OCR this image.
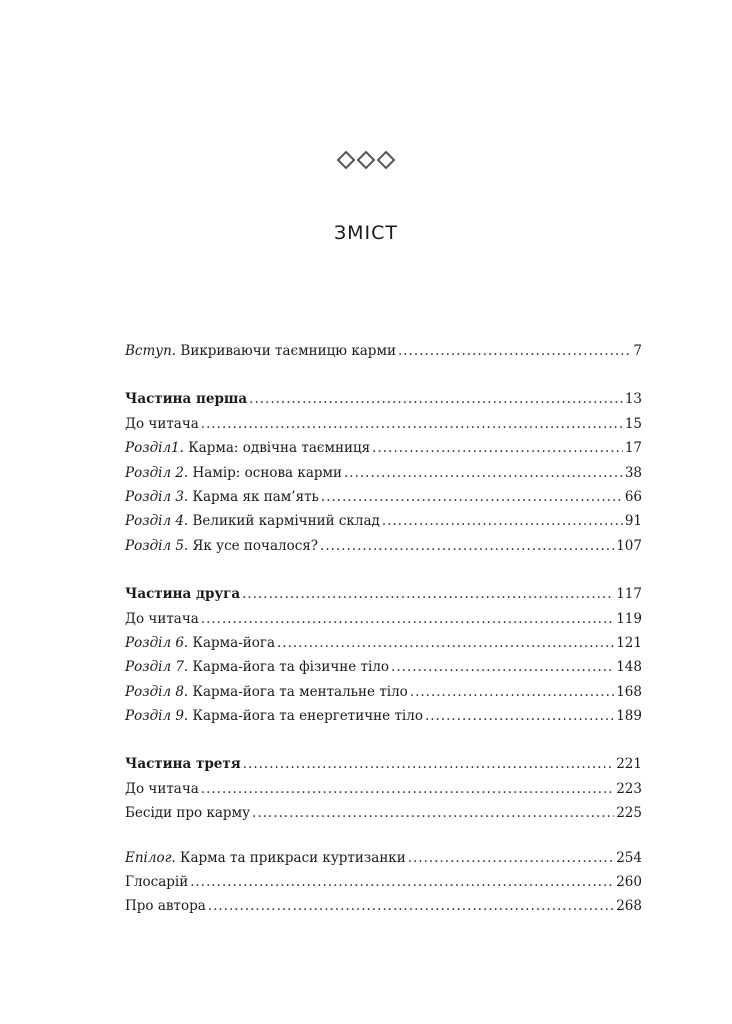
ЗМІСТ
Вступ. Викриваючи таємницю карми .....	7
Частина перша .....	13
До читача .....	15
Розділ1. Карма: одвічна таємниця .....	17
Розділ 2. Намір: основа карми .....	38
Розділ 3. Карма як пам’ять .....	66
Розділ 4. Великий кармічний склад .....	91
Розділ 5. Як усе почалося? .....	107
Частина друга .....	117
До читача .....	119
Розділ 6. Карма-йога .....	121
Розділ 7. Карма-йога та фізичне тіло .....	148
Розділ 8. Карма-йога та ментальне тіло .....	168
Розділ 9. Карма-йога та енергетичне тіло .....	189
Частина третя .....	221
До читача .....	223
Бесіди про карму .....	225
Епілог. Карма та прикраси куртизанки .....	254
Глосарій .....	260
Про автора .....	268
